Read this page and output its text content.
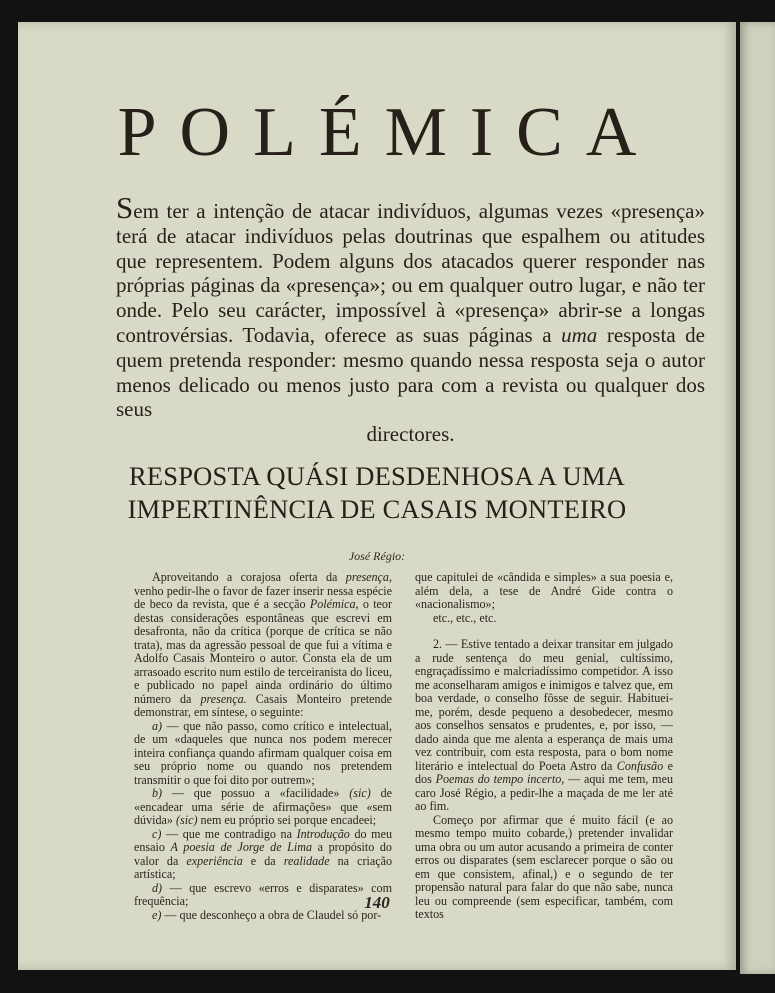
POLÉMICA
Sem ter a intenção de atacar indivíduos, algumas vezes «presença» terá de atacar indivíduos pelas doutrinas que espalhem ou atitudes que representem. Podem alguns dos atacados querer responder nas próprias páginas da «presença»; ou em qualquer outro lugar, e não ter onde. Pelo seu carácter, impossível à «presença» abrir-se a longas controvérsias. Todavia, oferece as suas páginas a uma resposta de quem pretenda responder: mesmo quando nessa resposta seja o autor menos delicado ou menos justo para com a revista ou qualquer dos seus
directores.
RESPOSTA QUÁSI DESDENHOSA A UMA
IMPERTINÊNCIA DE CASAIS MONTEIRO
José Régio:

Aproveitando a corajosa oferta da presença, venho pedir-lhe o favor de fazer inserir nessa espécie de beco da revista, que é a secção Polémica, o teor destas considerações espontâneas que escrevi em desafronta, não da crítica (porque de crítica se não trata), mas da agressão pessoal de que fui a vítima e Adolfo Casais Monteiro o autor. Consta ela de um arrasoado escrito num estilo de terceiranista do liceu, e publicado no papel ainda ordinário do último número da presença. Casais Monteiro pretende demonstrar, em síntese, o seguinte:

a) — que não passo, como crítico e intelectual, de um «daqueles que nunca nos podem merecer inteira confiança quando afirmam qualquer coisa em seu próprio nome ou quando nos pretendem transmitir o que foi dito por outrem»;

b) — que possuo a «facilidade» (sic) de «encadear uma série de afirmações» que «sem dúvida» (sic) nem eu próprio sei porque encadeei;

c) — que me contradigo na Introdução do meu ensaio A poesia de Jorge de Lima a propósito do valor da experiência e da realidade na criação artística;

d) — que escrevo «erros e disparates» com frequência;

e) — que desconheço a obra de Claudel só por-

que capitulei de «cândida e simples» a sua poesia e, além dela, a tese de André Gide contra o «nacionalismo»;

etc., etc., etc.

2. — Estive tentado a deixar transitar em julgado a rude sentença do meu genial, cultíssimo, engraçadíssimo e malcriadíssimo competidor. A isso me aconselharam amigos e inimigos e talvez que, em boa verdade, o conselho fôsse de seguir. Habituei-me, porém, desde pequeno a desobedecer, mesmo aos conselhos sensatos e prudentes, e, por isso, — dado ainda que me alenta a esperança de mais uma vez contribuir, com esta resposta, para o bom nome literário e intelectual do Poeta Astro da Confusão e dos Poemas do tempo incerto, — aqui me tem, meu caro José Régio, a pedir-lhe a maçada de me ler até ao fim.

Começo por afirmar que é muito fácil (e ao mesmo tempo muito cobarde,) pretender invalidar uma obra ou um autor acusando a primeira de conter erros ou disparates (sem esclarecer porque o são ou em que consistem, afinal,) e o segundo de ter propensão natural para falar do que não sabe, nunca leu ou compreende (sem especificar, também, com textos

140
